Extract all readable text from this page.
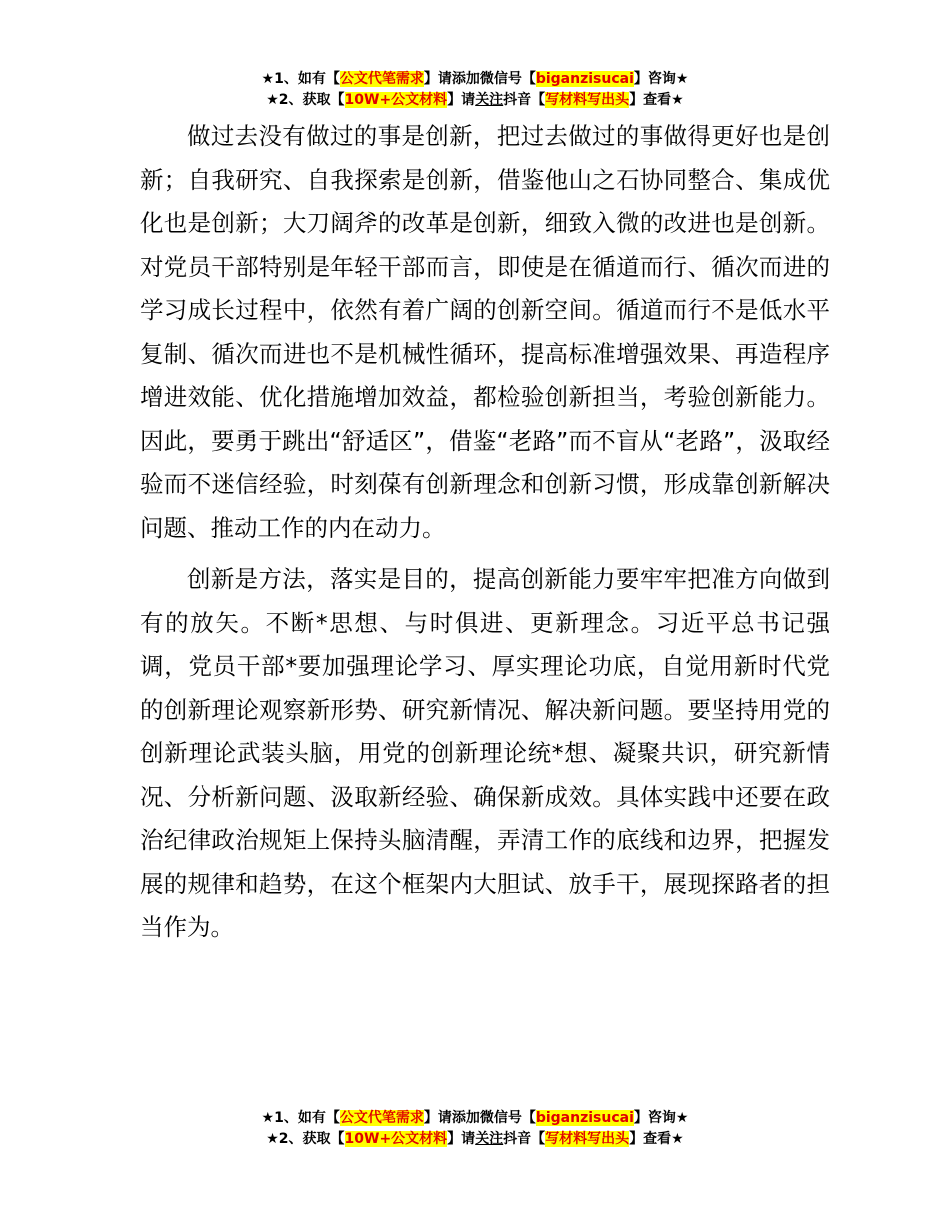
★1、如有【公文代笔需求】请添加微信号【biganzisucai】咨询★
★2、获取【10W+公文材料】请关注抖音【写材料写出头】查看★

做过去没有做过的事是创新，把过去做过的事做得更好也是创新；自我研究、自我探索是创新，借鉴他山之石协同整合、集成优化也是创新；大刀阔斧的改革是创新，细致入微的改进也是创新。对党员干部特别是年轻干部而言，即使是在循道而行、循次而进的学习成长过程中，依然有着广阔的创新空间。循道而行不是低水平复制、循次而进也不是机械性循环，提高标准增强效果、再造程序增进效能、优化措施增加效益，都检验创新担当，考验创新能力。因此，要勇于跳出“舒适区”，借鉴“老路”而不盲从“老路”，汲取经验而不迷信经验，时刻葆有创新理念和创新习惯，形成靠创新解决问题、推动工作的内在动力。

创新是方法，落实是目的，提高创新能力要牢牢把准方向做到有的放矢。不断*思想、与时俱进、更新理念。习近平总书记强调，党员干部*要加强理论学习、厚实理论功底，自觉用新时代党的创新理论观察新形势、研究新情况、解决新问题。要坚持用党的创新理论武装头脑，用党的创新理论统*想、凝聚共识，研究新情况、分析新问题、汲取新经验、确保新成效。具体实践中还要在政治纪律政治规矩上保持头脑清醒，弄清工作的底线和边界，把握发展的规律和趋势，在这个框架内大胆试、放手干，展现探路者的担当作为。

★1、如有【公文代笔需求】请添加微信号【biganzisucai】咨询★
★2、获取【10W+公文材料】请关注抖音【写材料写出头】查看★
